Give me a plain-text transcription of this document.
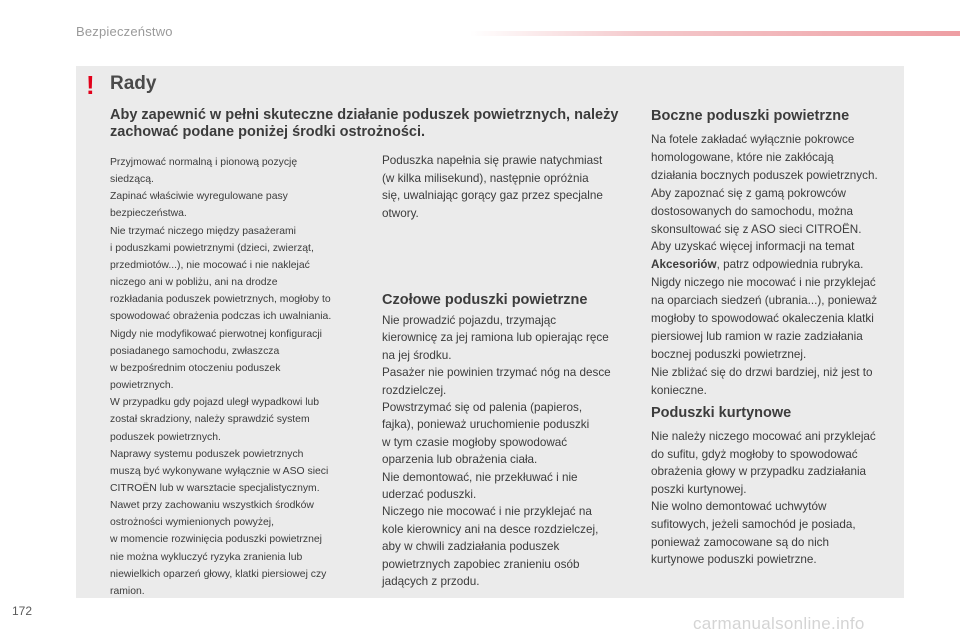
Bezpieczeństwo
! Rady
Aby zapewnić w pełni skuteczne działanie poduszek powietrznych, należy zachować podane poniżej środki ostrożności.
Przyjmować normalną i pionową pozycję
siedzącą.
Zapinać właściwie wyregulowane pasy
bezpieczeństwa.
Nie trzymać niczego między pasażerami
i poduszkami powietrznymi (dzieci, zwierząt,
przedmiotów...), nie mocować i nie naklejać
niczego ani w pobliżu, ani na drodze
rozkładania poduszek powietrznych, mogłoby to
spowodować obrażenia podczas ich uwalniania.
Nigdy nie modyfikować pierwotnej konfiguracji
posiadanego samochodu, zwłaszcza
w bezpośrednim otoczeniu poduszek
powietrznych.
W przypadku gdy pojazd uległ wypadkowi lub
został skradziony, należy sprawdzić system
poduszek powietrznych.
Naprawy systemu poduszek powietrznych
muszą być wykonywane wyłącznie w ASO sieci
CITROËN lub w warsztacie specjalistycznym.
Nawet przy zachowaniu wszystkich środków
ostrożności wymienionych powyżej,
w momencie rozwinięcia poduszki powietrznej
nie można wykluczyć ryzyka zranienia lub
niewielkich oparzeń głowy, klatki piersiowej czy
ramion.
Poduszka napełnia się prawie natychmiast
(w kilka milisekund), następnie opróżnia
się, uwalniając gorący gaz przez specjalne
otwory.
Czołowe poduszki powietrzne
Nie prowadzić pojazdu, trzymając
kierownicę za jej ramiona lub opierając ręce
na jej środku.
Pasażer nie powinien trzymać nóg na desce
rozdzielczej.
Powstrzymać się od palenia (papieros,
fajka), ponieważ uruchomienie poduszki
w tym czasie mogłoby spowodować
oparzenia lub obrażenia ciała.
Nie demontować, nie przekłuwać i nie
uderzać poduszki.
Niczego nie mocować i nie przyklejać na
kole kierownicy ani na desce rozdzielczej,
aby w chwili zadziałania poduszek
powietrznych zapobiec zranieniu osób
jadących z przodu.
Boczne poduszki powietrzne
Na fotele zakładać wyłącznie pokrowce
homologowane, które nie zakłócają
działania bocznych poduszek powietrznych.
Aby zapoznać się z gamą pokrowców
dostosowanych do samochodu, można
skonsultować się z ASO sieci CITROËN.
Aby uzyskać więcej informacji na temat
Akcesoriów, patrz odpowiednia rubryka.
Nigdy niczego nie mocować i nie przyklejać
na oparciach siedzeń (ubrania...), ponieważ
mogłoby to spowodować okaleczenia klatki
piersiowej lub ramion w razie zadziałania
bocznej poduszki powietrznej.
Nie zbliżać się do drzwi bardziej, niż jest to
konieczne.
Poduszki kurtynowe
Nie należy niczego mocować ani przyklejać
do sufitu, gdyż mogłoby to spowodować
obrażenia głowy w przypadku zadziałania
poszki kurtynowej.
Nie wolno demontować uchwytów
sufitowych, jeżeli samochód je posiada,
ponieważ zamocowane są do nich
kurtynowe poduszki powietrzne.
172
carmanualsonline.info
